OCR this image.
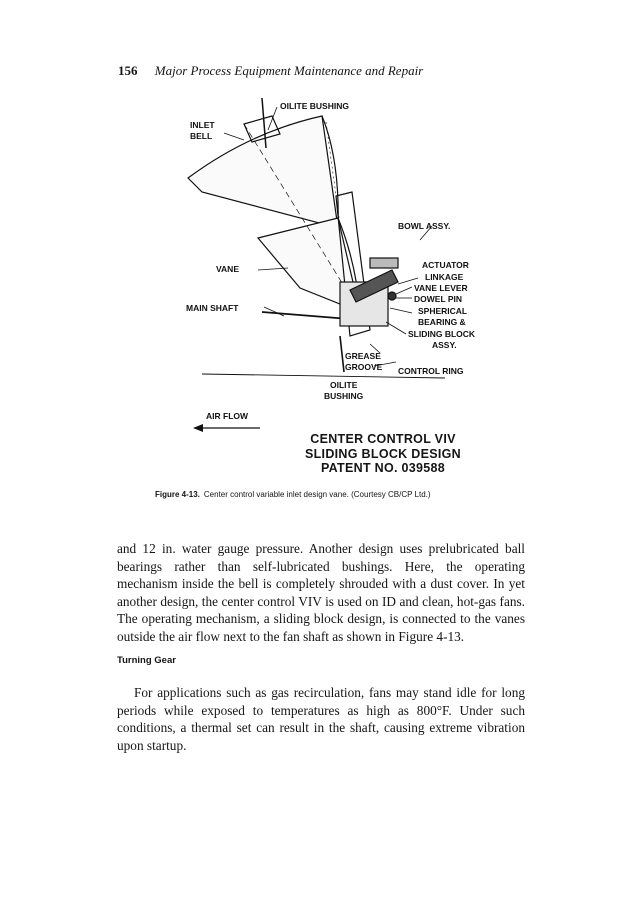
156 Major Process Equipment Maintenance and Repair
OILITE BUSHING
INLET
BELL
BOWL ASSY.
ACTUATOR
LINKAGE
VANE
VANE LEVER
DOWEL PIN
MAIN SHAFT	SPHERICAL
BEARING &
SLIDING BLOCK
ASSY.
GREASE
GROOVE CONTROL RING
OILITE
BUSHING
AIR FLOW
CENTER CONTROL VIV
SLIDING BLOCK DESIGN
PATENT NO. 039588
Figure 4-13. Center control variable inlet design vane. (Courtesy CB/CP Ltd.)

and 12 in. water gauge pressure. Another design uses prelubricated ball bearings rather than self-lubricated bushings. Here, the operating mechanism inside the bell is completely shrouded with a dust cover. In yet another design, the center control VIV is used on ID and clean, hot-gas fans. The operating mechanism, a sliding block design, is connected to the vanes outside the air flow next to the fan shaft as shown in Figure 4-13.

Turning Gear

For applications such as gas recirculation, fans may stand idle for long periods while exposed to temperatures as high as 800°F. Under such conditions, a thermal set can result in the shaft, causing extreme vibration upon startup.
